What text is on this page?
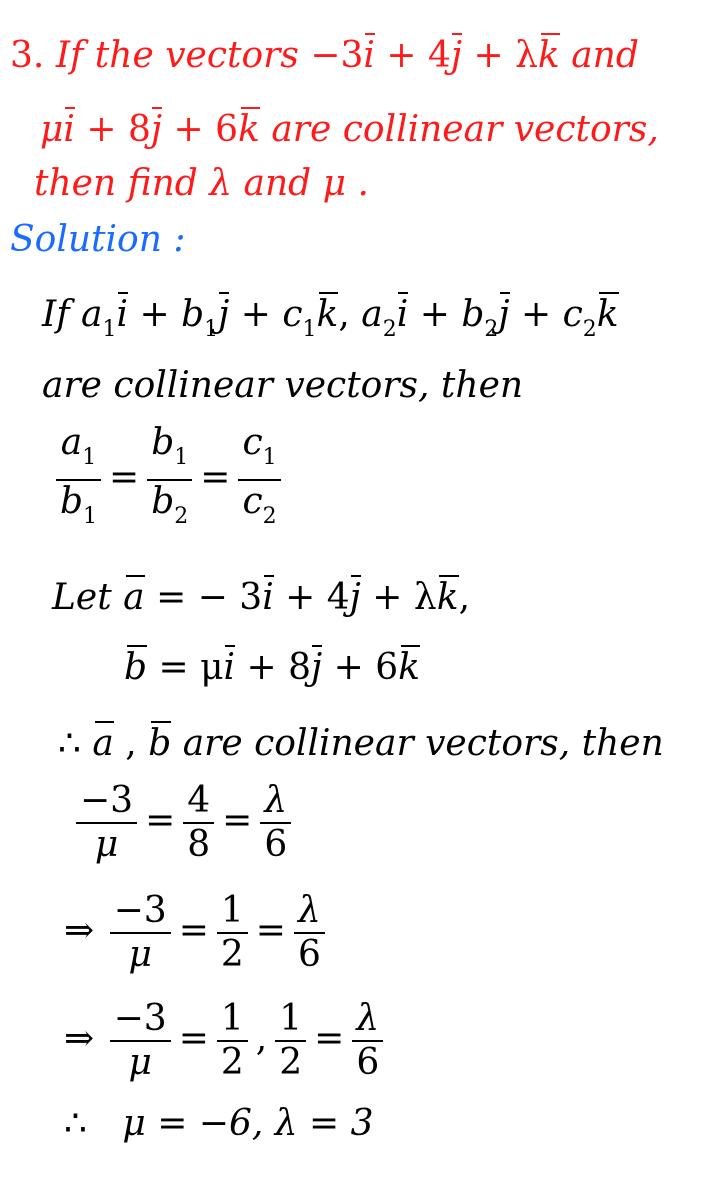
3. If the vectors −3i + 4j + λk and
μi + 8j + 6k are collinear vectors,
then find λ and μ .
Solution :
If $a_1i + b_1j + c_1k$, $a_2i + b_2j + c_2k$
are collinear vectors, then
$\frac{a_1}{b_1} = \frac{b_1}{b_2} = \frac{c_1}{c_2}$
Let a = − 3i + 4j + λk,
b = μi + 8j + 6k
∴ a , b are collinear vectors, then
$\frac{-3}{\mu} = \frac{4}{8} = \frac{\lambda}{6}$
⇒ $\frac{-3}{\mu} = \frac{1}{2} = \frac{\lambda}{6}$
⇒ $\frac{-3}{\mu} = \frac{1}{2}$ , $\frac{1}{2} = \frac{\lambda}{6}$
∴ μ = −6, λ = 3
